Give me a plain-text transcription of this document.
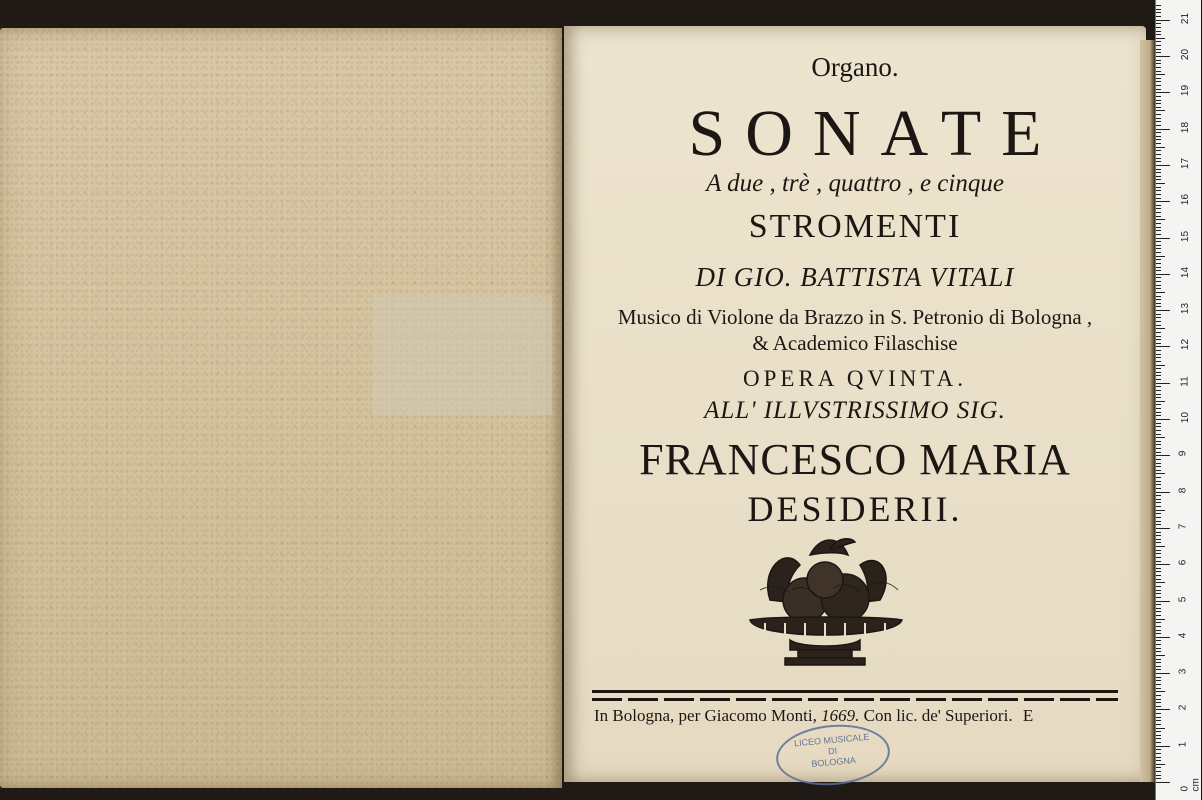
Organo.
SONATE
A due , trè , quattro , e cinque
STROMENTI
DI GIO. BATTISTA VITALI
Musico di Violone da Brazzo in S. Petronio di Bologna ,
& Academico Filaschise
OPERA QVINTA.
ALL' ILLVSTRISSIMO SIG.
FRANCESCO MARIA
DESIDERII.
In Bologna, per Giacomo Monti, 1669. Con lic. de' Superiori. E
LICEO MUSICALE
DI
BOLOGNA
0 cm
1
2
3
4
5
6
7
8
9
10
11
12
13
14
15
16
17
18
19
20
21
